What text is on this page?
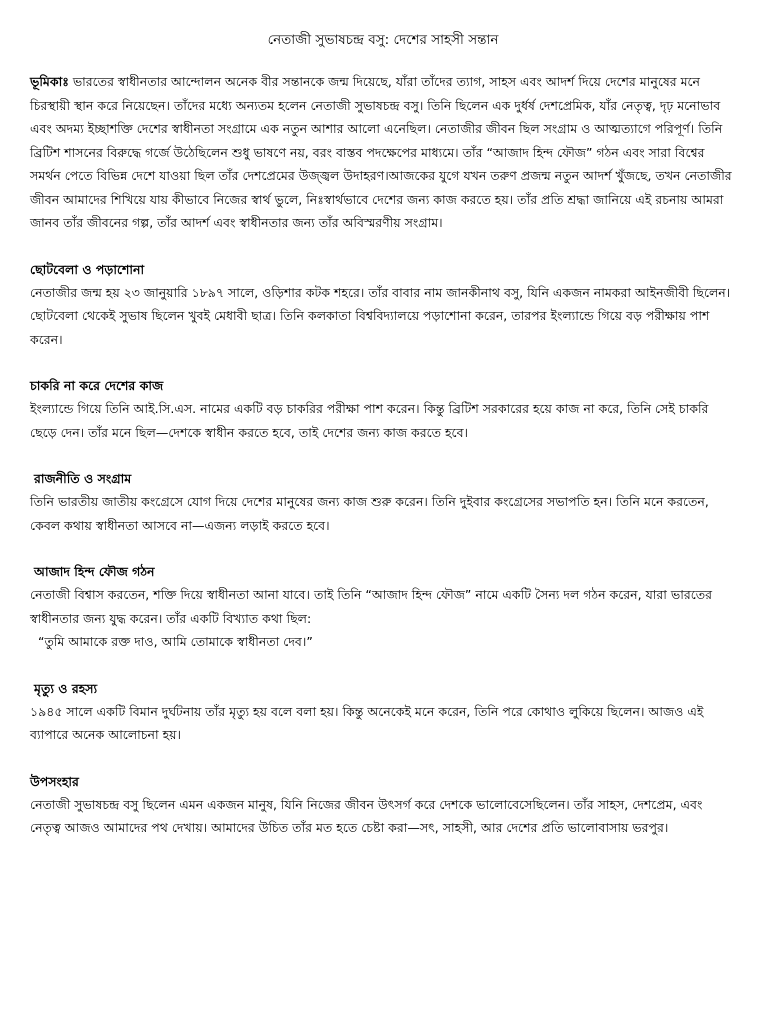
নেতাজী সুভাষচন্দ্র বসু: দেশের সাহসী সন্তান

ভূমিকাঃ ভারতের স্বাধীনতার আন্দোলন অনেক বীর সন্তানকে জন্ম দিয়েছে, যাঁরা তাঁদের ত্যাগ, সাহস এবং আদর্শ দিয়ে দেশের মানুষের মনে চিরস্থায়ী স্থান করে নিয়েছেন। তাঁদের মধ্যে অন্যতম হলেন নেতাজী সুভাষচন্দ্র বসু। তিনি ছিলেন এক দুর্ধর্ষ দেশপ্রেমিক, যাঁর নেতৃত্ব, দৃঢ় মনোভাব এবং অদম্য ইচ্ছাশক্তি দেশের স্বাধীনতা সংগ্রামে এক নতুন আশার আলো এনেছিল। নেতাজীর জীবন ছিল সংগ্রাম ও আত্মত্যাগে পরিপূর্ণ। তিনি ব্রিটিশ শাসনের বিরুদ্ধে গর্জে উঠেছিলেন শুধু ভাষণে নয়, বরং বাস্তব পদক্ষেপের মাধ্যমে। তাঁর “আজাদ হিন্দ ফৌজ” গঠন এবং সারা বিশ্বের সমর্থন পেতে বিভিন্ন দেশে যাওয়া ছিল তাঁর দেশপ্রেমের উজ্জ্বল উদাহরণ।আজকের যুগে যখন তরুণ প্রজন্ম নতুন আদর্শ খুঁজছে, তখন নেতাজীর জীবন আমাদের শিখিয়ে যায় কীভাবে নিজের স্বার্থ ভুলে, নিঃস্বার্থভাবে দেশের জন্য কাজ করতে হয়। তাঁর প্রতি শ্রদ্ধা জানিয়ে এই রচনায় আমরা জানব তাঁর জীবনের গল্প, তাঁর আদর্শ এবং স্বাধীনতার জন্য তাঁর অবিস্মরণীয় সংগ্রাম।

ছোটবেলা ও পড়াশোনা

নেতাজীর জন্ম হয় ২৩ জানুয়ারি ১৮৯৭ সালে, ওড়িশার কটক শহরে। তাঁর বাবার নাম জানকীনাথ বসু, যিনি একজন নামকরা আইনজীবী ছিলেন। ছোটবেলা থেকেই সুভাষ ছিলেন খুবই মেধাবী ছাত্র। তিনি কলকাতা বিশ্ববিদ্যালয়ে পড়াশোনা করেন, তারপর ইংল্যান্ডে গিয়ে বড় পরীক্ষায় পাশ করেন।

চাকরি না করে দেশের কাজ

ইংল্যান্ডে গিয়ে তিনি আই.সি.এস. নামের একটি বড় চাকরির পরীক্ষা পাশ করেন। কিন্তু ব্রিটিশ সরকারের হয়ে কাজ না করে, তিনি সেই চাকরি ছেড়ে দেন। তাঁর মনে ছিল—দেশকে স্বাধীন করতে হবে, তাই দেশের জন্য কাজ করতে হবে।

রাজনীতি ও সংগ্রাম

তিনি ভারতীয় জাতীয় কংগ্রেসে যোগ দিয়ে দেশের মানুষের জন্য কাজ শুরু করেন। তিনি দুইবার কংগ্রেসের সভাপতি হন। তিনি মনে করতেন, কেবল কথায় স্বাধীনতা আসবে না—এজন্য লড়াই করতে হবে।

আজাদ হিন্দ ফৌজ গঠন

নেতাজী বিশ্বাস করতেন, শক্তি দিয়ে স্বাধীনতা আনা যাবে। তাই তিনি “আজাদ হিন্দ ফৌজ” নামে একটি সৈন্য দল গঠন করেন, যারা ভারতের স্বাধীনতার জন্য যুদ্ধ করেন। তাঁর একটি বিখ্যাত কথা ছিল:
“তুমি আমাকে রক্ত দাও, আমি তোমাকে স্বাধীনতা দেব।”

মৃত্যু ও রহস্য

১৯৪৫ সালে একটি বিমান দুর্ঘটনায় তাঁর মৃত্যু হয় বলে বলা হয়। কিন্তু অনেকেই মনে করেন, তিনি পরে কোথাও লুকিয়ে ছিলেন। আজও এই ব্যাপারে অনেক আলোচনা হয়।

উপসংহার

নেতাজী সুভাষচন্দ্র বসু ছিলেন এমন একজন মানুষ, যিনি নিজের জীবন উৎসর্গ করে দেশকে ভালোবেসেছিলেন। তাঁর সাহস, দেশপ্রেম, এবং নেতৃত্ব আজও আমাদের পথ দেখায়। আমাদের উচিত তাঁর মত হতে চেষ্টা করা—সৎ, সাহসী, আর দেশের প্রতি ভালোবাসায় ভরপুর।
